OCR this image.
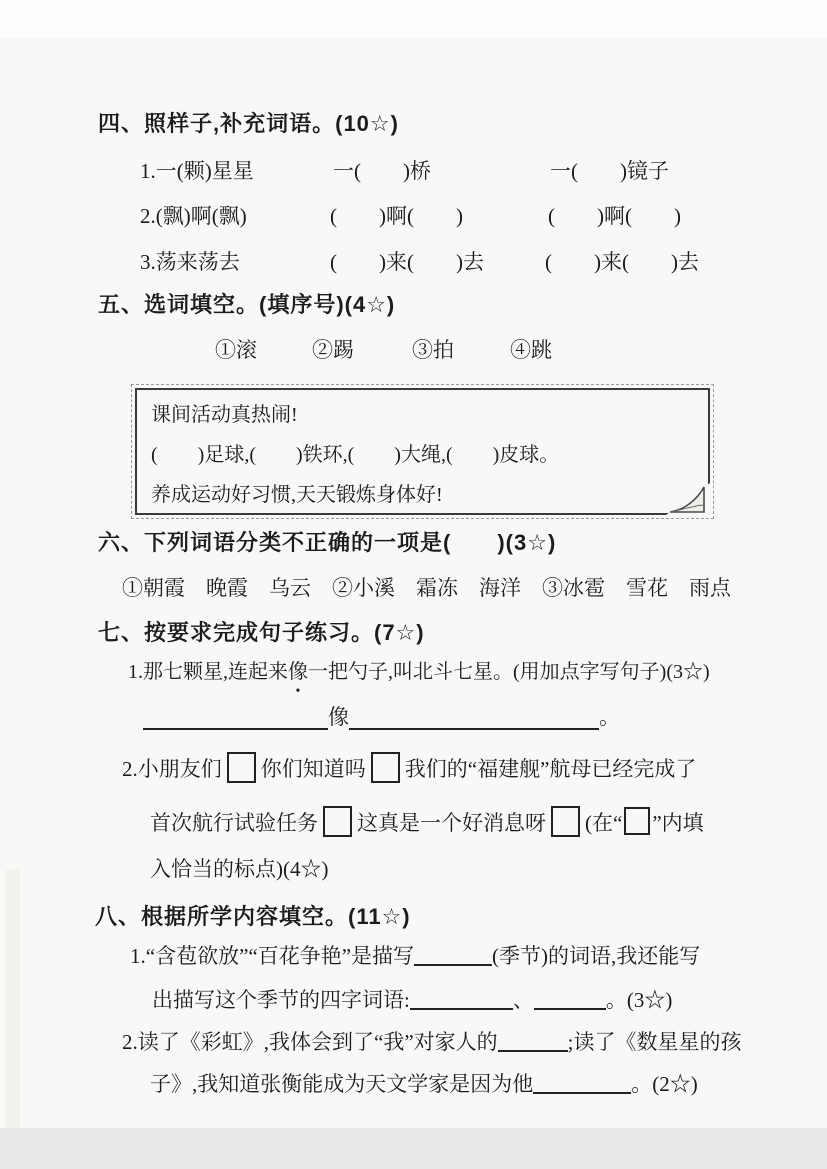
四、照样子,补充词语。(10☆)
1.一(颗)星星	一(　　)桥	一(　　)镜子
2.(飘)啊(飘)	(　　)啊(　　)	(　　)啊(　　)
3.荡来荡去	(　　)来(　　)去	(　　)来(　　)去
五、选词填空。(填序号)(4☆)
①滚	②踢	③拍	④跳
课间活动真热闹!
(　　)足球,(　　)铁环,(　　)大绳,(　　)皮球。
养成运动好习惯,天天锻炼身体好!
六、下列词语分类不正确的一项是(　　)(3☆)
①朝霞　晚霞　乌云　②小溪　霜冻　海洋　③冰雹　雪花　雨点
七、按要求完成句子练习。(7☆)
1.那七颗星,连起来像一把勺子,叫北斗七星。(用加点字写句子)(3☆)
像	。
2.小朋友们 你们知道吗 我们的“福建舰”航母已经完成了
首次航行试验任务 这真是一个好消息呀 (在“ ”内填
入恰当的标点)(4☆)
八、根据所学内容填空。(11☆)
1.“含苞欲放”“百花争艳”是描写	(季节)的词语,我还能写
出描写这个季节的四字词语:	、	。(3☆)
2.读了《彩虹》,我体会到了“我”对家人的	;读了《数星星的孩
子》,我知道张衡能成为天文学家是因为他	。(2☆)
